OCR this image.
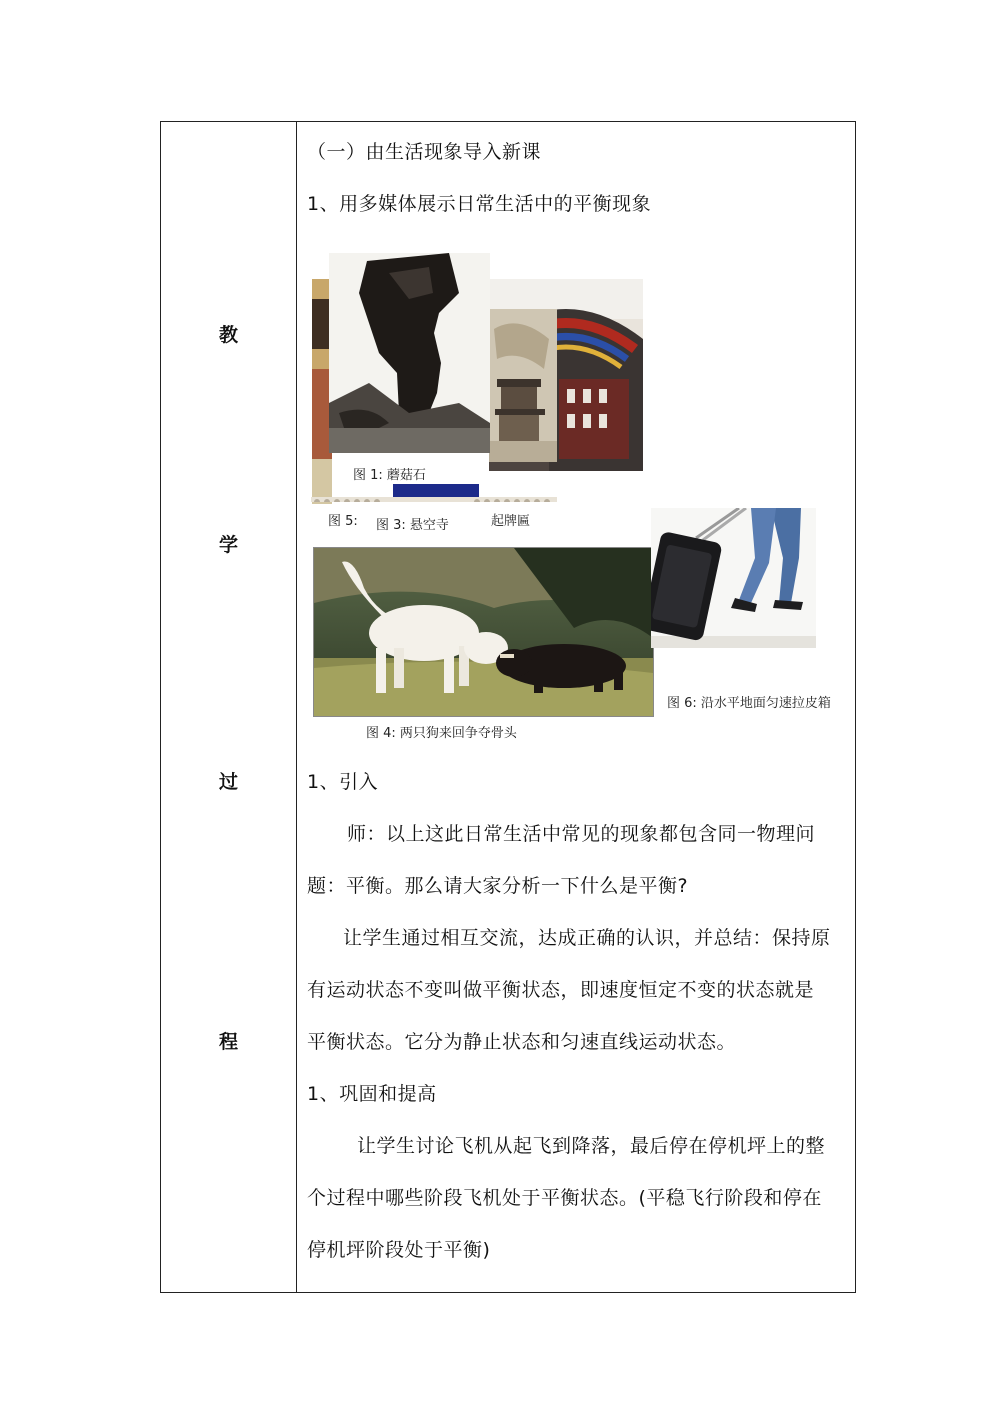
教
学
过
程
（一）由生活现象导入新课
1、用多媒体展示日常生活中的平衡现象
图 1: 蘑菇石
图 5: 图 3: 悬空寺	起牌匾
图 6: 沿水平地面匀速拉皮箱
图 4: 两只狗来回争夺骨头
1、引入
师：以上这此日常生活中常见的现象都包含同一物理问
题：平衡。那么请大家分析一下什么是平衡?
让学生通过相互交流，达成正确的认识，并总结：保持原
有运动状态不变叫做平衡状态，即速度恒定不变的状态就是
平衡状态。它分为静止状态和匀速直线运动状态。
1、巩固和提高
让学生讨论飞机从起飞到降落，最后停在停机坪上的整
个过程中哪些阶段飞机处于平衡状态。(平稳飞行阶段和停在
停机坪阶段处于平衡)
